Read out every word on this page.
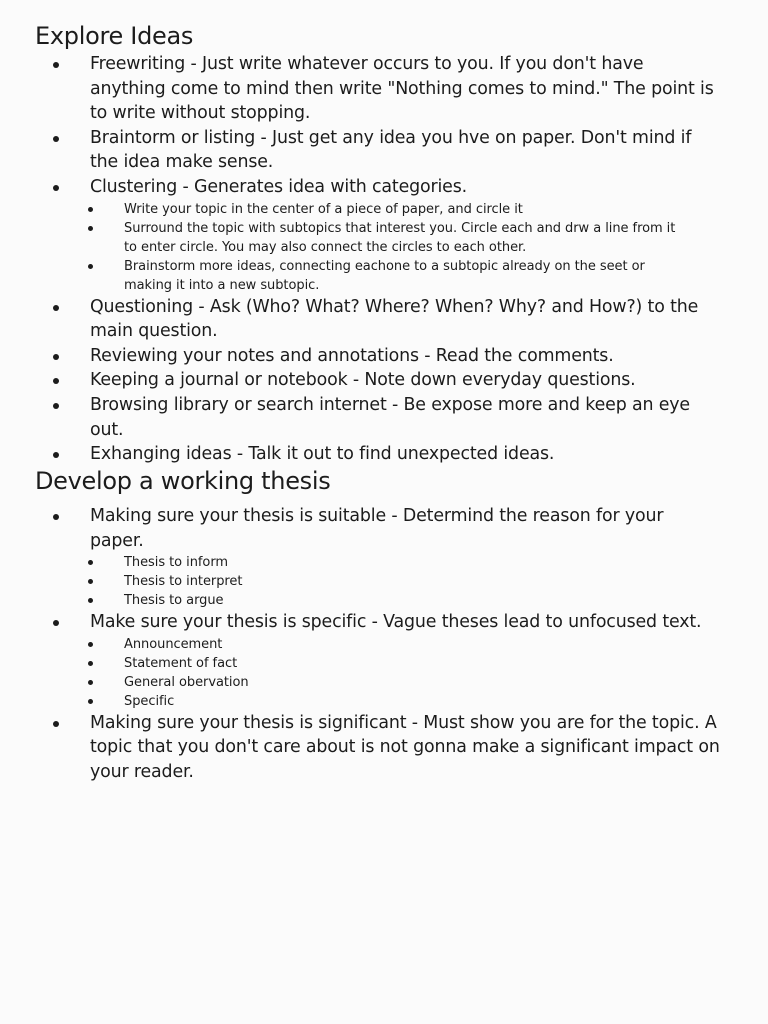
Explore Ideas
Freewriting - Just write whatever occurs to you. If you don't have anything come to mind then write "Nothing comes to mind." The point is to write without stopping.
Braintorm or listing - Just get any idea you hve on paper. Don't mind if the idea make sense.
Clustering - Generates idea with categories.
Write your topic in the center of a piece of paper, and circle it
Surround the topic with subtopics that interest you. Circle each and drw a line from it to enter circle. You may also connect the circles to each other.
Brainstorm more ideas, connecting eachone to a subtopic already on the seet or making it into a new subtopic.
Questioning - Ask (Who? What? Where? When? Why? and How?) to the main question.
Reviewing your notes and annotations - Read the comments.
Keeping a journal or notebook - Note down everyday questions.
Browsing library or search internet - Be expose more and keep an eye out.
Exhanging ideas - Talk it out to find unexpected ideas.
Develop a working thesis
Making sure your thesis is suitable - Determind the reason for your paper.
Thesis to inform
Thesis to interpret
Thesis to argue
Make sure your thesis is specific - Vague theses lead to unfocused text.
Announcement
Statement of fact
General obervation
Specific
Making sure your thesis is significant - Must show you are for the topic. A topic that you don't care about is not gonna make a significant impact on your reader.
